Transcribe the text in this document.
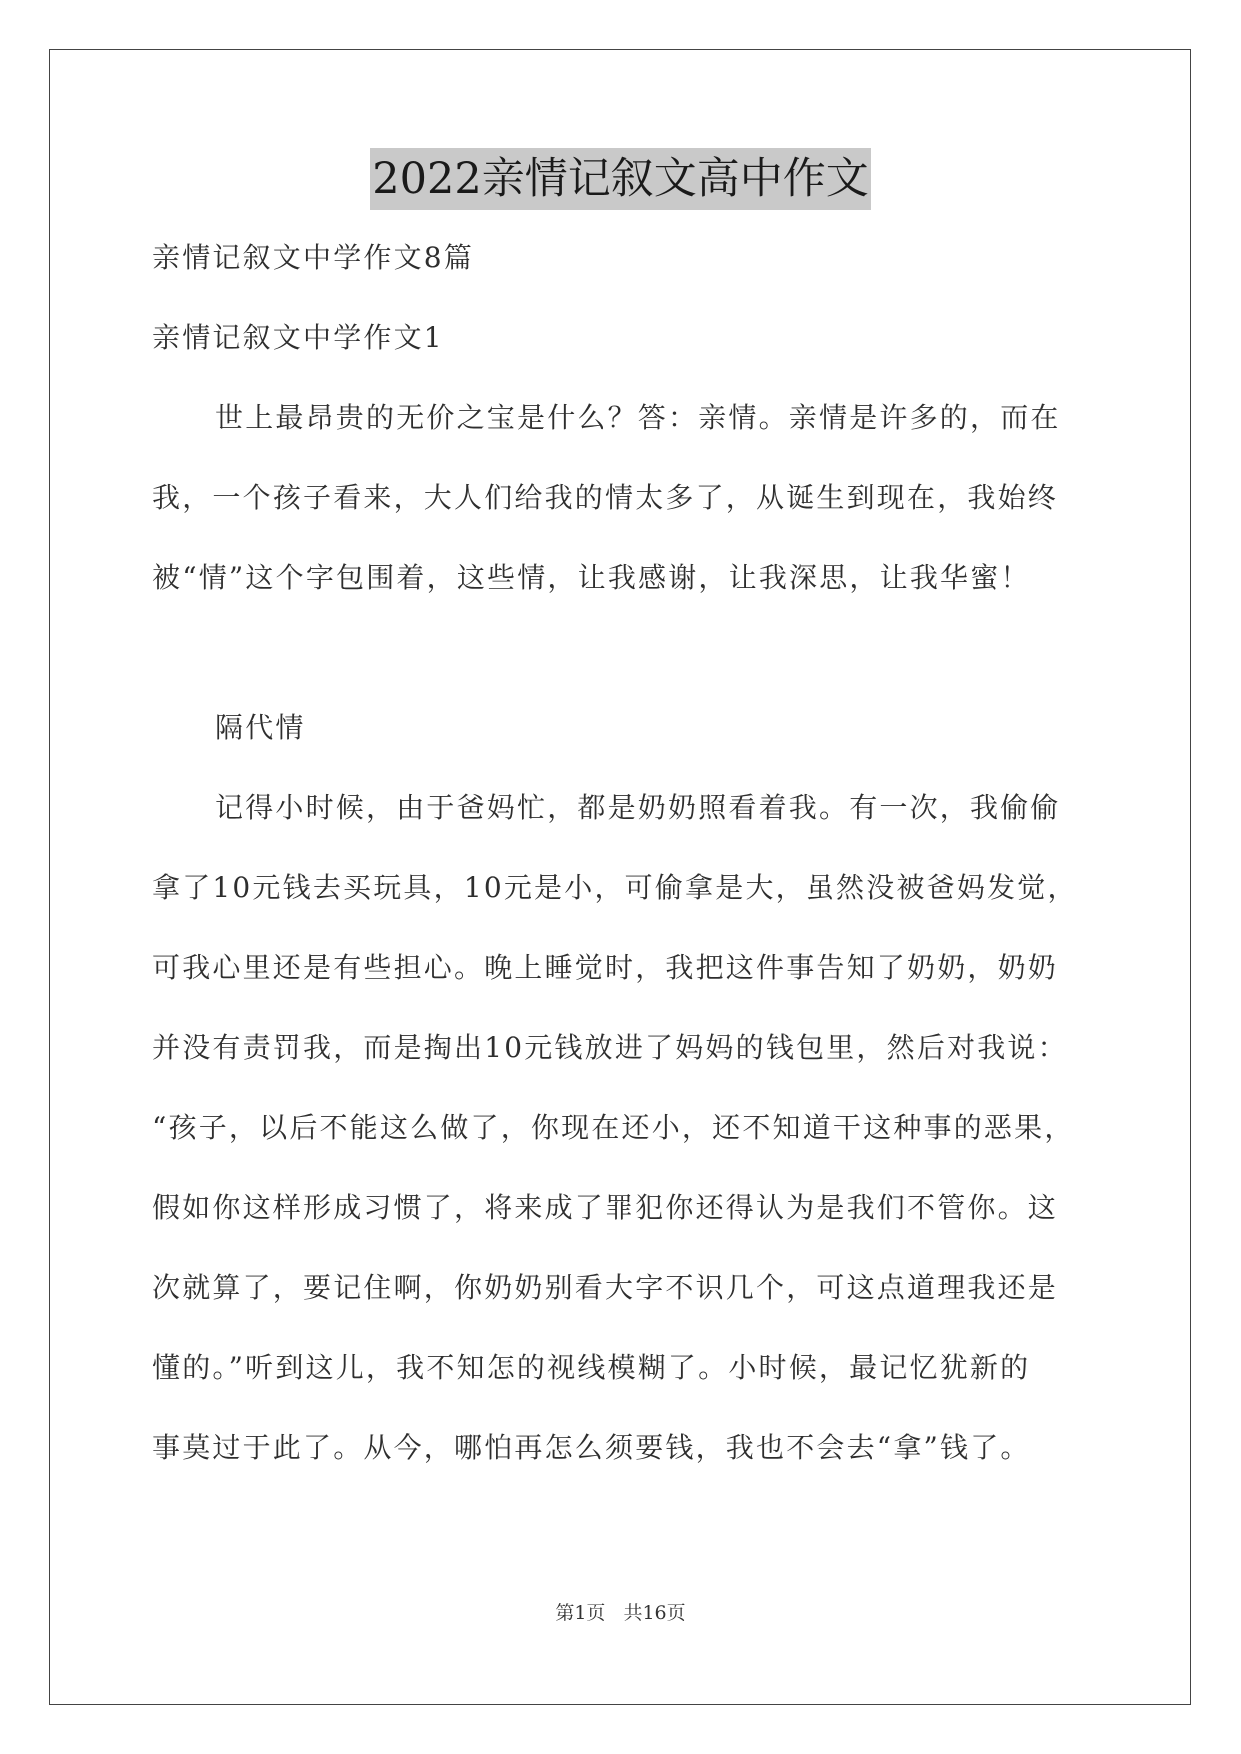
2022亲情记叙文高中作文
亲情记叙文中学作文8篇
亲情记叙文中学作文1
世上最昂贵的无价之宝是什么？答：亲情。亲情是许多的，而在
我，一个孩子看来，大人们给我的情太多了，从诞生到现在，我始终
被“情”这个字包围着，这些情，让我感谢，让我深思，让我华蜜！
隔代情
记得小时候，由于爸妈忙，都是奶奶照看着我。有一次，我偷偷
拿了10元钱去买玩具，10元是小，可偷拿是大，虽然没被爸妈发觉，
可我心里还是有些担心。晚上睡觉时，我把这件事告知了奶奶，奶奶
并没有责罚我，而是掏出10元钱放进了妈妈的钱包里，然后对我说：
“孩子，以后不能这么做了，你现在还小，还不知道干这种事的恶果，
假如你这样形成习惯了，将来成了罪犯你还得认为是我们不管你。这
次就算了，要记住啊，你奶奶别看大字不识几个，可这点道理我还是
懂的。”听到这儿，我不知怎的视线模糊了。小时候，最记忆犹新的
事莫过于此了。从今，哪怕再怎么须要钱，我也不会去“拿”钱了。
第1页 共16页
